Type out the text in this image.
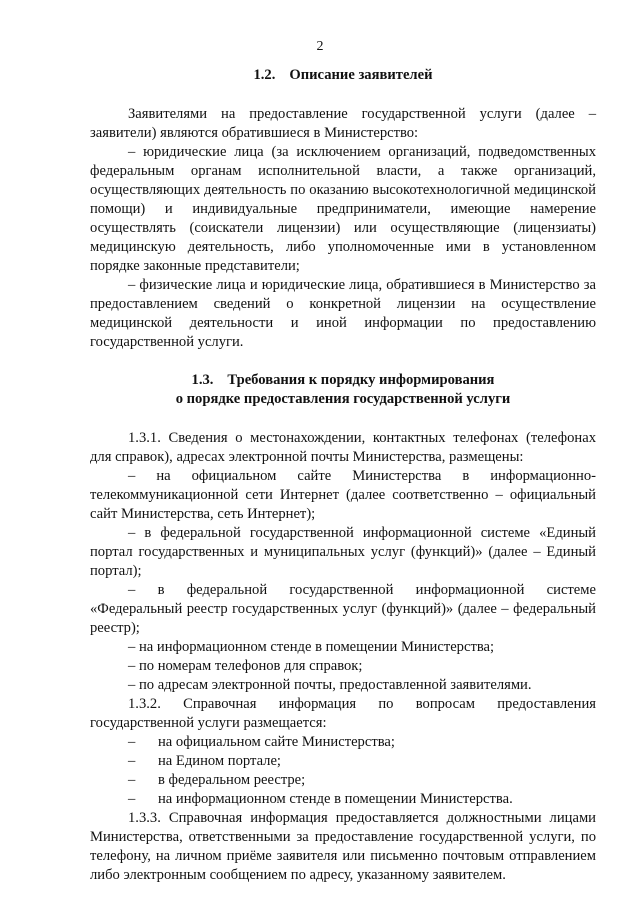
2

1.2. Описание заявителей

Заявителями на предоставление государственной услуги (далее – заявители) являются обратившиеся в Министерство:

– юридические лица (за исключением организаций, подведомственных федеральным органам исполнительной власти, а также организаций, осуществляющих деятельность по оказанию высокотехнологичной медицинской помощи) и индивидуальные предприниматели, имеющие намерение осуществлять (соискатели лицензии) или осуществляющие (лицензиаты) медицинскую деятельность, либо уполномоченные ими в установленном порядке законные представители;

– физические лица и юридические лица, обратившиеся в Министерство за предоставлением сведений о конкретной лицензии на осуществление медицинской деятельности и иной информации по предоставлению государственной услуги.

1.3. Требования к порядку информирования

о порядке предоставления государственной услуги

1.3.1. Сведения о местонахождении, контактных телефонах (телефонах для справок), адресах электронной почты Министерства, размещены:

– на официальном сайте Министерства в информационно-телекоммуникационной сети Интернет (далее соответственно – официальный сайт Министерства, сеть Интернет);

– в федеральной государственной информационной системе «Единый портал государственных и муниципальных услуг (функций)» (далее – Единый портал);

– в федеральной государственной информационной системе «Федеральный реестр государственных услуг (функций)» (далее – федеральный реестр);

– на информационном стенде в помещении Министерства;

– по номерам телефонов для справок;

– по адресам электронной почты, предоставленной заявителями.

1.3.2. Справочная информация по вопросам предоставления государственной услуги размещается:

–	на официальном сайте Министерства;
–	на Едином портале;
–	в федеральном реестре;
–	на информационном стенде в помещении Министерства.

1.3.3. Справочная информация предоставляется должностными лицами Министерства, ответственными за предоставление государственной услуги, по телефону, на личном приёме заявителя или письменно почтовым отправлением либо электронным сообщением по адресу, указанному заявителем.
